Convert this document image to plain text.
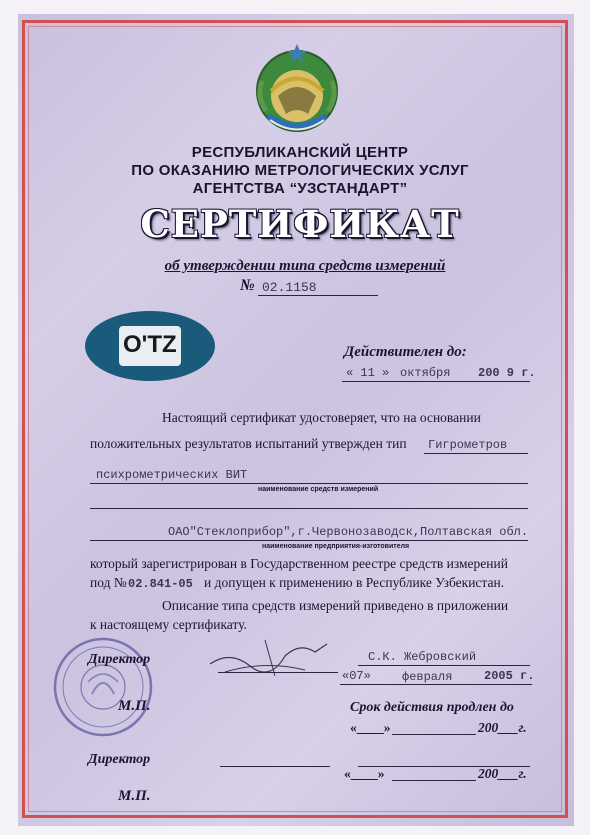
РЕСПУБЛИКАНСКИЙ ЦЕНТР
ПО ОКАЗАНИЮ МЕТРОЛОГИЧЕСКИХ УСЛУГ
АГЕНТСТВА “УЗСТАНДАРТ”
СЕРТИФИКАТ
об утверждении типа средств измерений
№ 02.1158
O'TZ	Действителен до:
« 11 » октября 200 9 г.
Настоящий сертификат удостоверяет, что на основании
положительных результатов испытаний утвержден тип Гигрометров
психрометрических ВИТ
наименование средств измерений
ОАО"Стеклоприбор",г.Червонозаводск,Полтавская обл.
наименование предприятия-изготовителя
который зарегистрирован в Государственном реестре средств измерений
под № 02.841-05 и допущен к применению в Республике Узбекистан.
Описание типа средств измерений приведено в приложении
к настоящему сертификату.
Директор
М.П.
С.К. Жебровский
«07»	февраля	2005 г.
Срок действия продлен до
«____»	200___г.
Директор
«____»	200___г.
М.П.
